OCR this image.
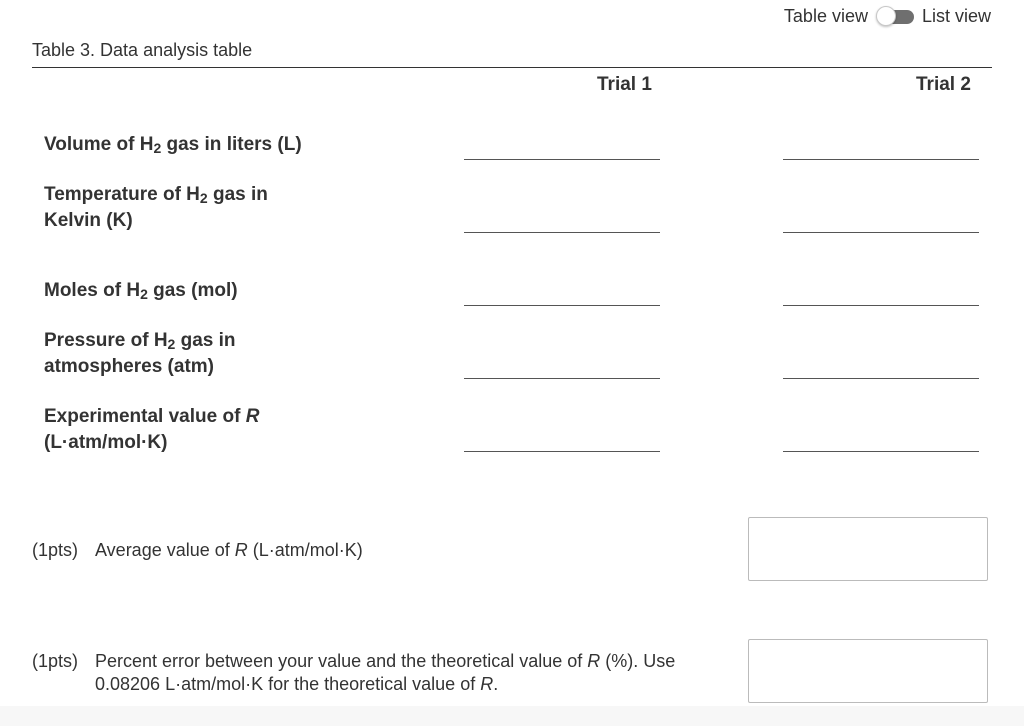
Table view	List view
Table 3. Data analysis table
Trial 1	Trial 2
Volume of $H_2$ gas in liters (L)
Temperature of $H_2$ gas in
Kelvin (K)
Moles of $H_2$ gas (mol)
Pressure of $H_2$ gas in
atmospheres (atm)
Experimental value of R
(L·atm/mol·K)
(1pts) Average value of R (L·atm/mol·K)
(1pts) Percent error between your value and the theoretical value of R (%). Use
0.08206 L·atm/mol·K for the theoretical value of R.
